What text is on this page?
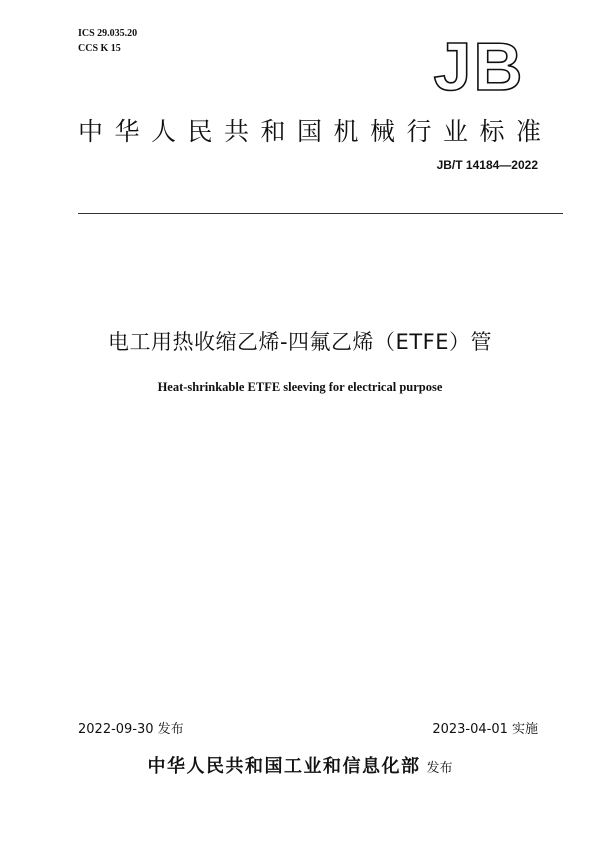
ICS 29.035.20
CCS K 15	JB
中华人民共和国机械行业标准
JB/T 14184—2022
电工用热收缩乙烯-四氟乙烯（ETFE）管
Heat-shrinkable ETFE sleeving for electrical purpose
2022-09-30 发布	2023-04-01 实施
中华人民共和国工业和信息化部 发布
